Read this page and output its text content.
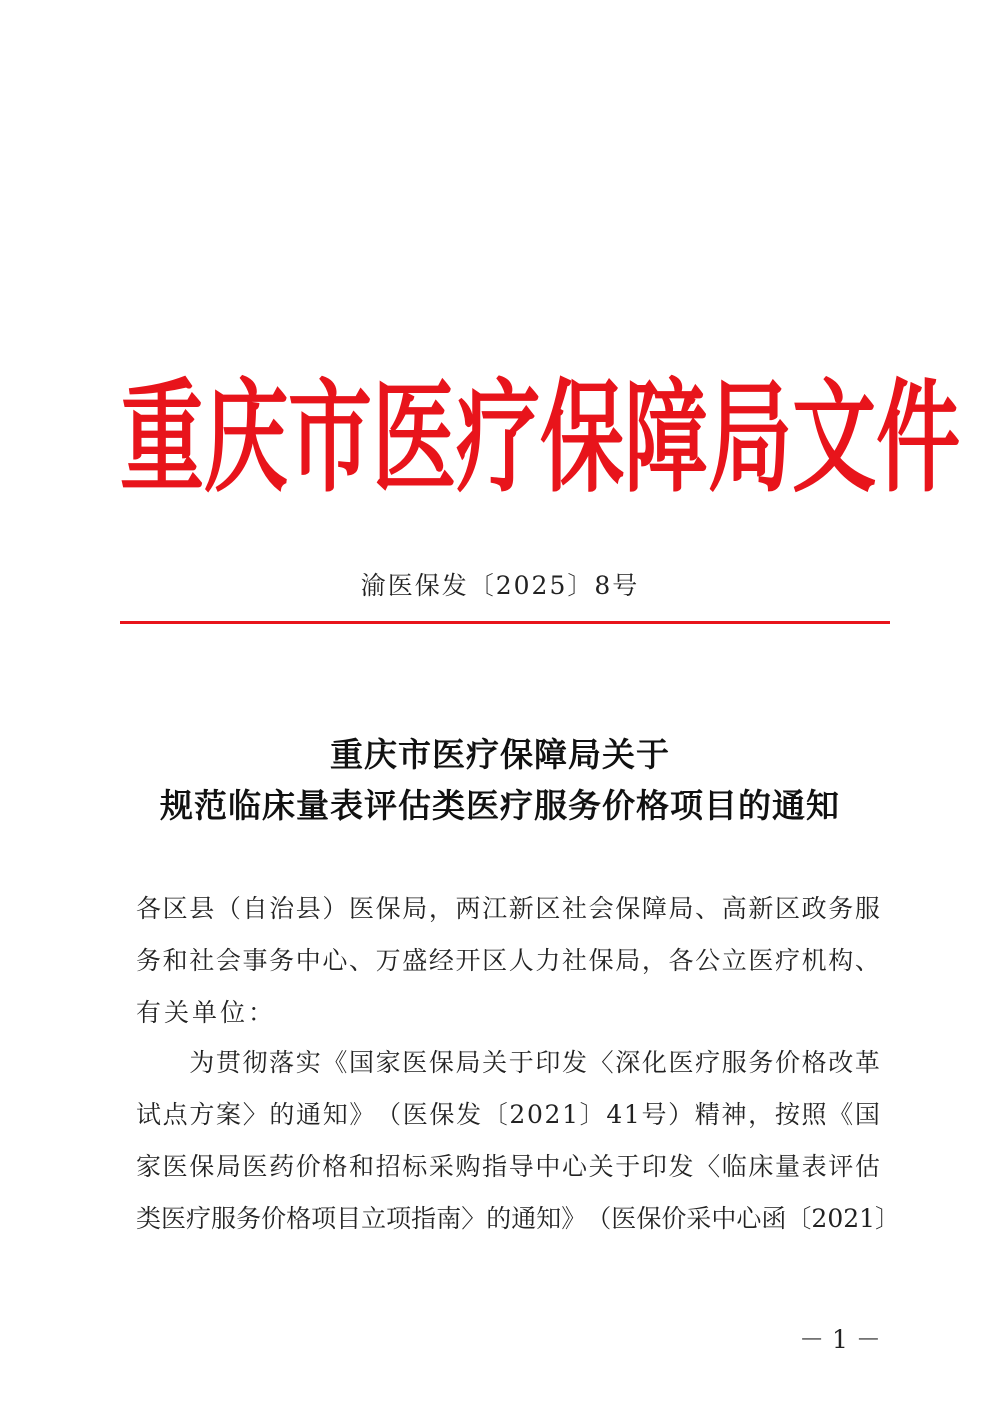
重 庆 市 医 疗 保 障 局 文 件
渝医保发〔2025〕8号
重庆市医疗保障局关于
规范临床量表评估类医疗服务价格项目的通知
各 区 县 （ 自 治 县 ） 医 保 局 ， 两 江 新 区 社 会 保 障 局 、 高 新 区 政 务 服
务 和 社 会 事 务 中 心 、 万 盛 经 开 区 人 力 社 保 局 ， 各 公 立 医 疗 机 构 、
有关单位：

为 贯 彻 落 实 《 国 家 医 保 局 关 于 印 发 〈 深 化 医 疗 服 务 价 格 改 革
试 点 方 案 〉 的 通 知 》 （ 医 保 发 〔 2 0 2 1 〕 4 1 号 ） 精 神 ， 按 照 《 国
家 医 保 局 医 药 价 格 和 招 标 采 购 指 导 中 心 关 于 印 发 〈 临 床 量 表 评 估
类 医 疗 服 务 价 格 项 目 立 项 指 南 〉 的 通 知 》 （ 医 保 价 采 中 心 函 〔 2 0 2 1 〕
－ 1 －
